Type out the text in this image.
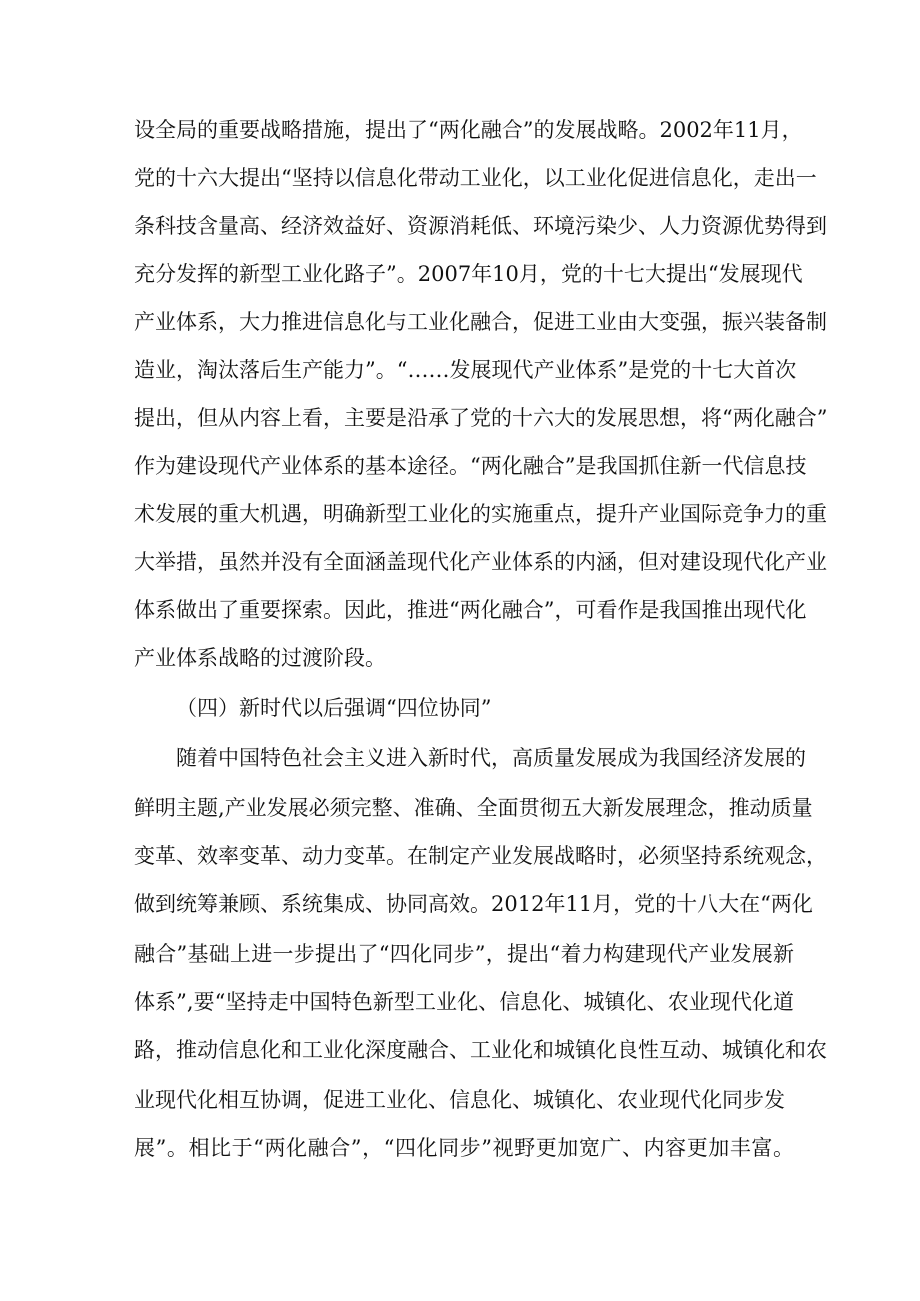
设全局的重要战略措施，提出了“两化融合”的发展战略。2002年11月，
党的十六大提出“坚持以信息化带动工业化，以工业化促进信息化，走出一
条科技含量高、经济效益好、资源消耗低、环境污染少、人力资源优势得到
充分发挥的新型工业化路子”。2007年10月，党的十七大提出“发展现代
产业体系，大力推进信息化与工业化融合，促进工业由大变强，振兴装备制
造业，淘汰落后生产能力”。“……发展现代产业体系”是党的十七大首次
提出，但从内容上看，主要是沿承了党的十六大的发展思想，将“两化融合”
作为建设现代产业体系的基本途径。“两化融合”是我国抓住新一代信息技
术发展的重大机遇，明确新型工业化的实施重点，提升产业国际竞争力的重
大举措，虽然并没有全面涵盖现代化产业体系的内涵，但对建设现代化产业
体系做出了重要探索。因此，推进“两化融合”，可看作是我国推出现代化
产业体系战略的过渡阶段。
（四）新时代以后强调“四位协同”
随着中国特色社会主义进入新时代，高质量发展成为我国经济发展的
鲜明主题,产业发展必须完整、准确、全面贯彻五大新发展理念，推动质量
变革、效率变革、动力变革。在制定产业发展战略时，必须坚持系统观念，
做到统筹兼顾、系统集成、协同高效。2012年11月，党的十八大在“两化
融合”基础上进一步提出了“四化同步”，提出“着力构建现代产业发展新
体系”,要“坚持走中国特色新型工业化、信息化、城镇化、农业现代化道
路，推动信息化和工业化深度融合、工业化和城镇化良性互动、城镇化和农
业现代化相互协调，促进工业化、信息化、城镇化、农业现代化同步发
展”。相比于“两化融合”，“四化同步”视野更加宽广、内容更加丰富。
